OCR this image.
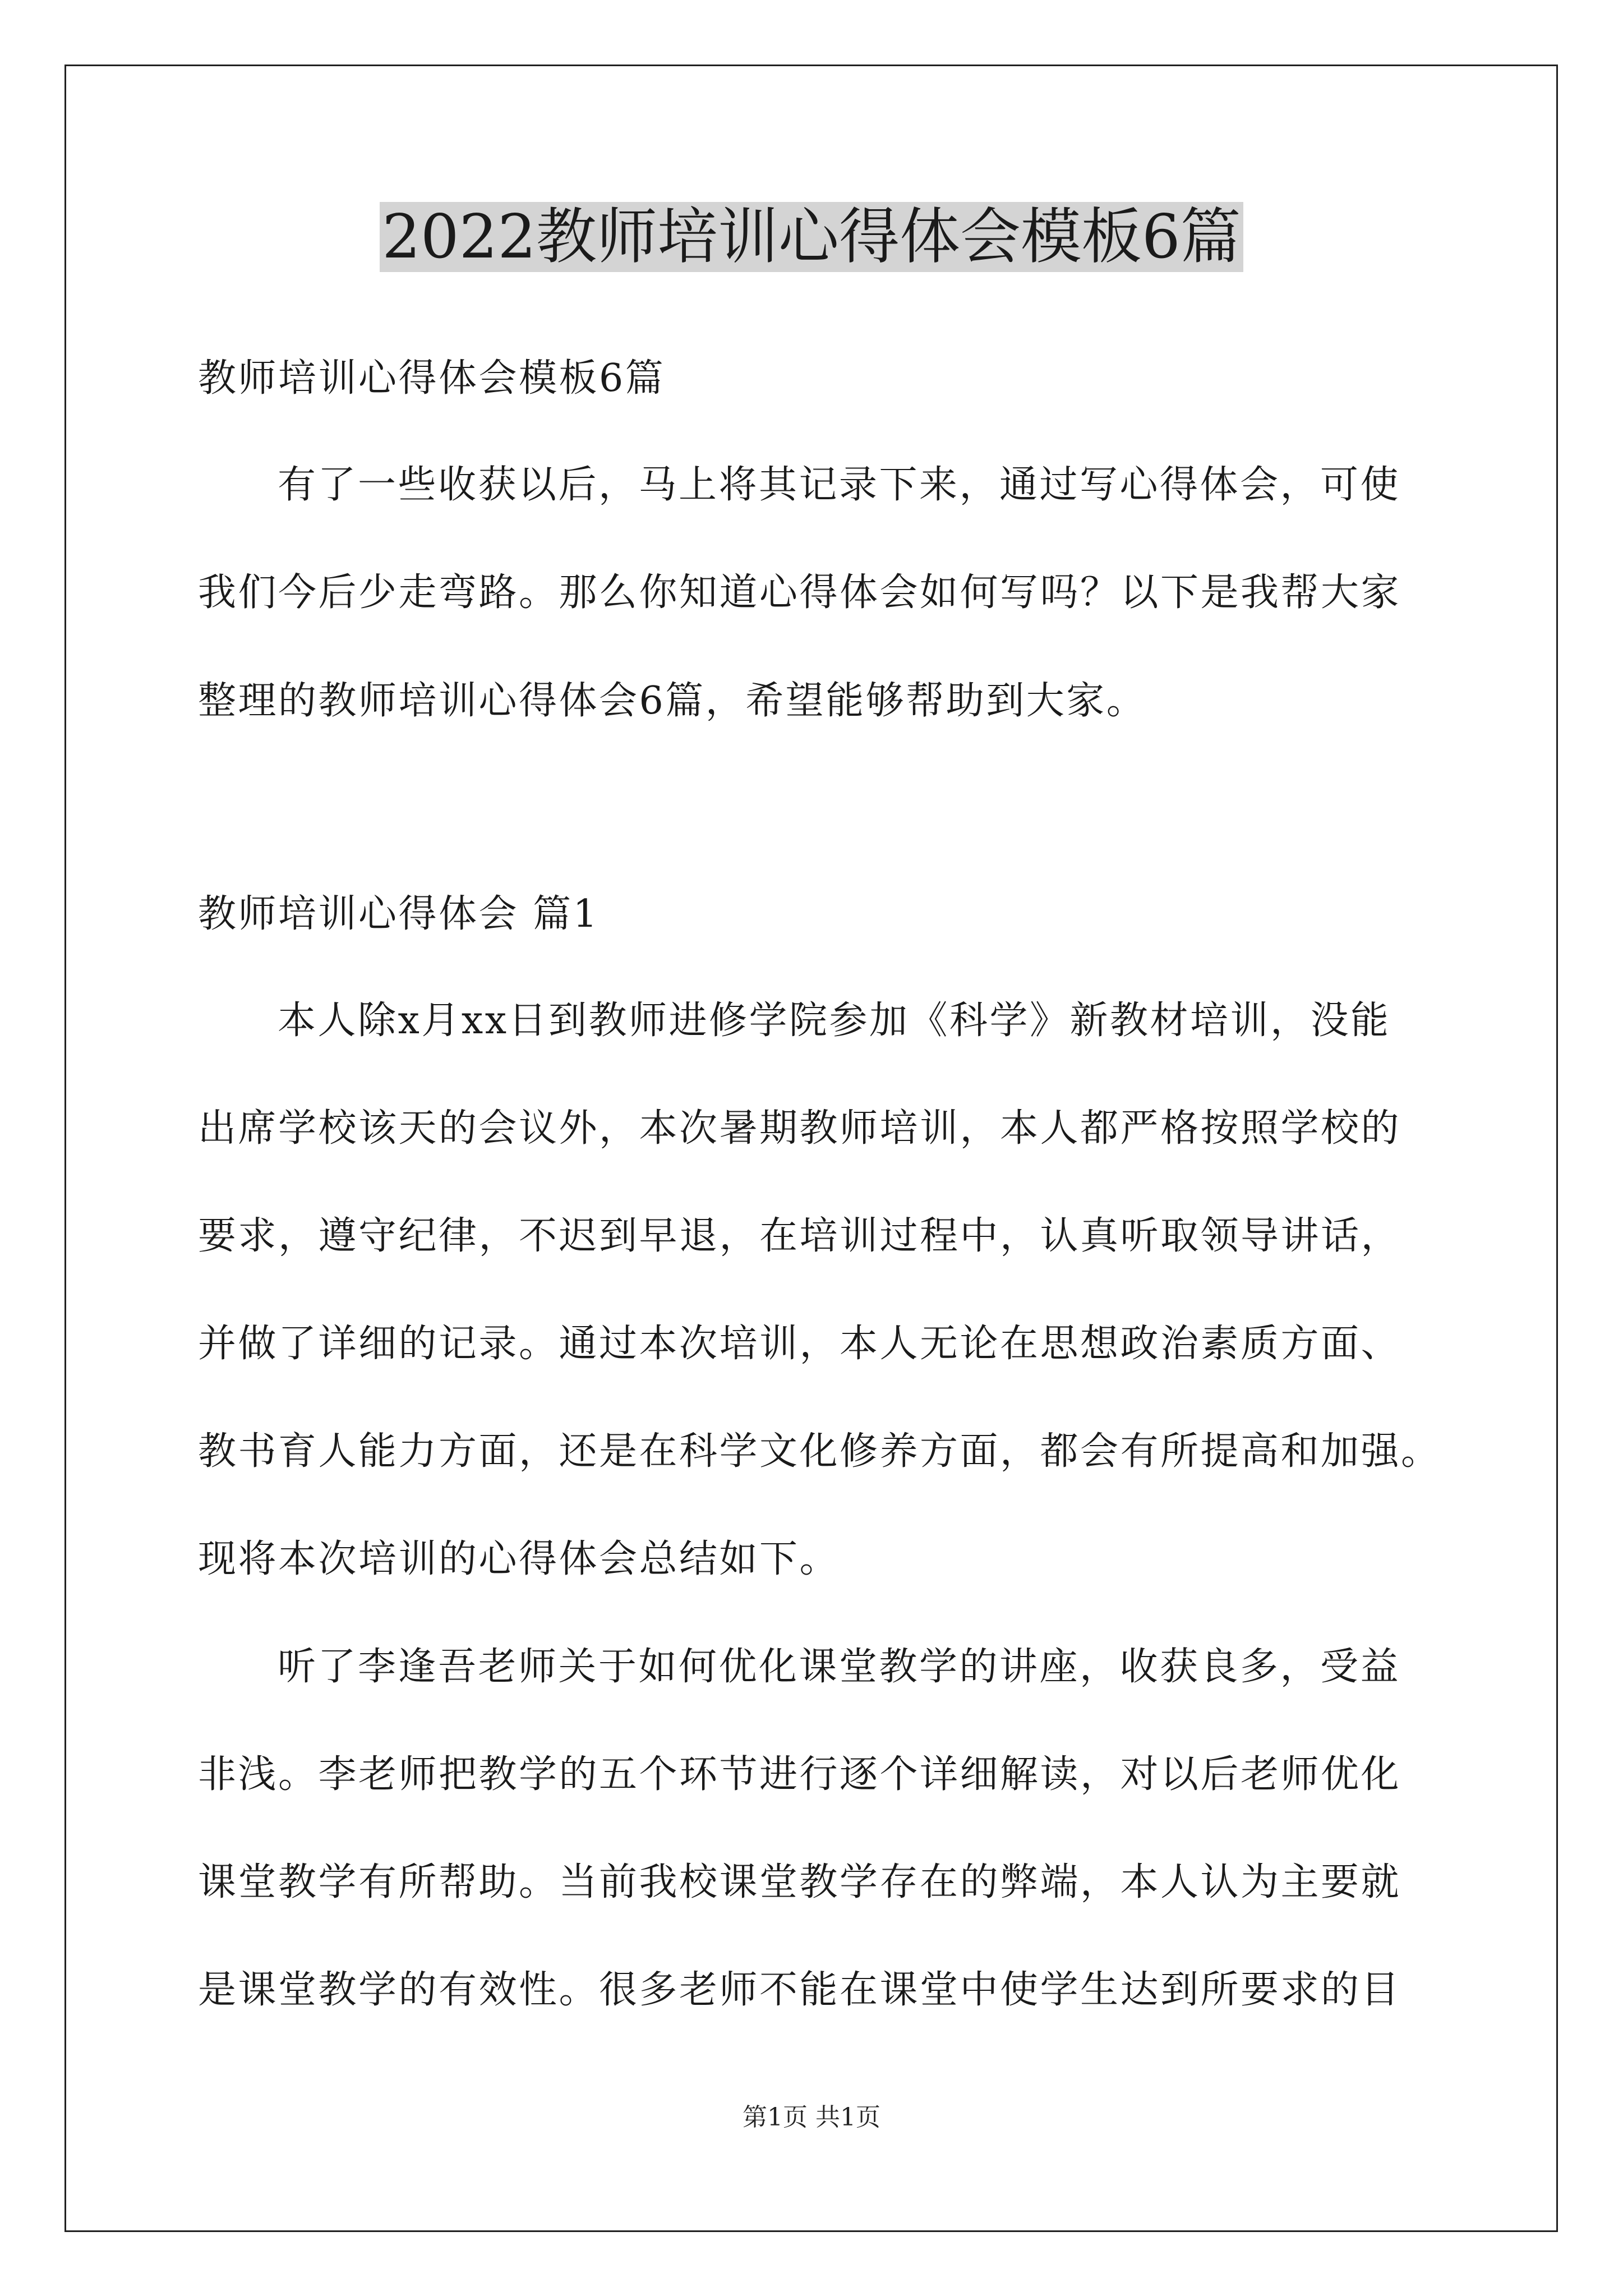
2022教师培训心得体会模板6篇

教师培训心得体会模板6篇

有了一些收获以后，马上将其记录下来，通过写心得体会，可使

我们今后少走弯路。那么你知道心得体会如何写吗？以下是我帮大家

整理的教师培训心得体会6篇，希望能够帮助到大家。

教师培训心得体会 篇1

本人除x月xx日到教师进修学院参加《科学》新教材培训，没能

出席学校该天的会议外，本次暑期教师培训，本人都严格按照学校的

要求，遵守纪律，不迟到早退，在培训过程中，认真听取领导讲话，

并做了详细的记录。通过本次培训，本人无论在思想政治素质方面、

教书育人能力方面，还是在科学文化修养方面，都会有所提高和加强。

现将本次培训的心得体会总结如下。

听了李逢吾老师关于如何优化课堂教学的讲座，收获良多，受益

非浅。李老师把教学的五个环节进行逐个详细解读，对以后老师优化

课堂教学有所帮助。当前我校课堂教学存在的弊端，本人认为主要就

是课堂教学的有效性。很多老师不能在课堂中使学生达到所要求的目

第1页 共1页
